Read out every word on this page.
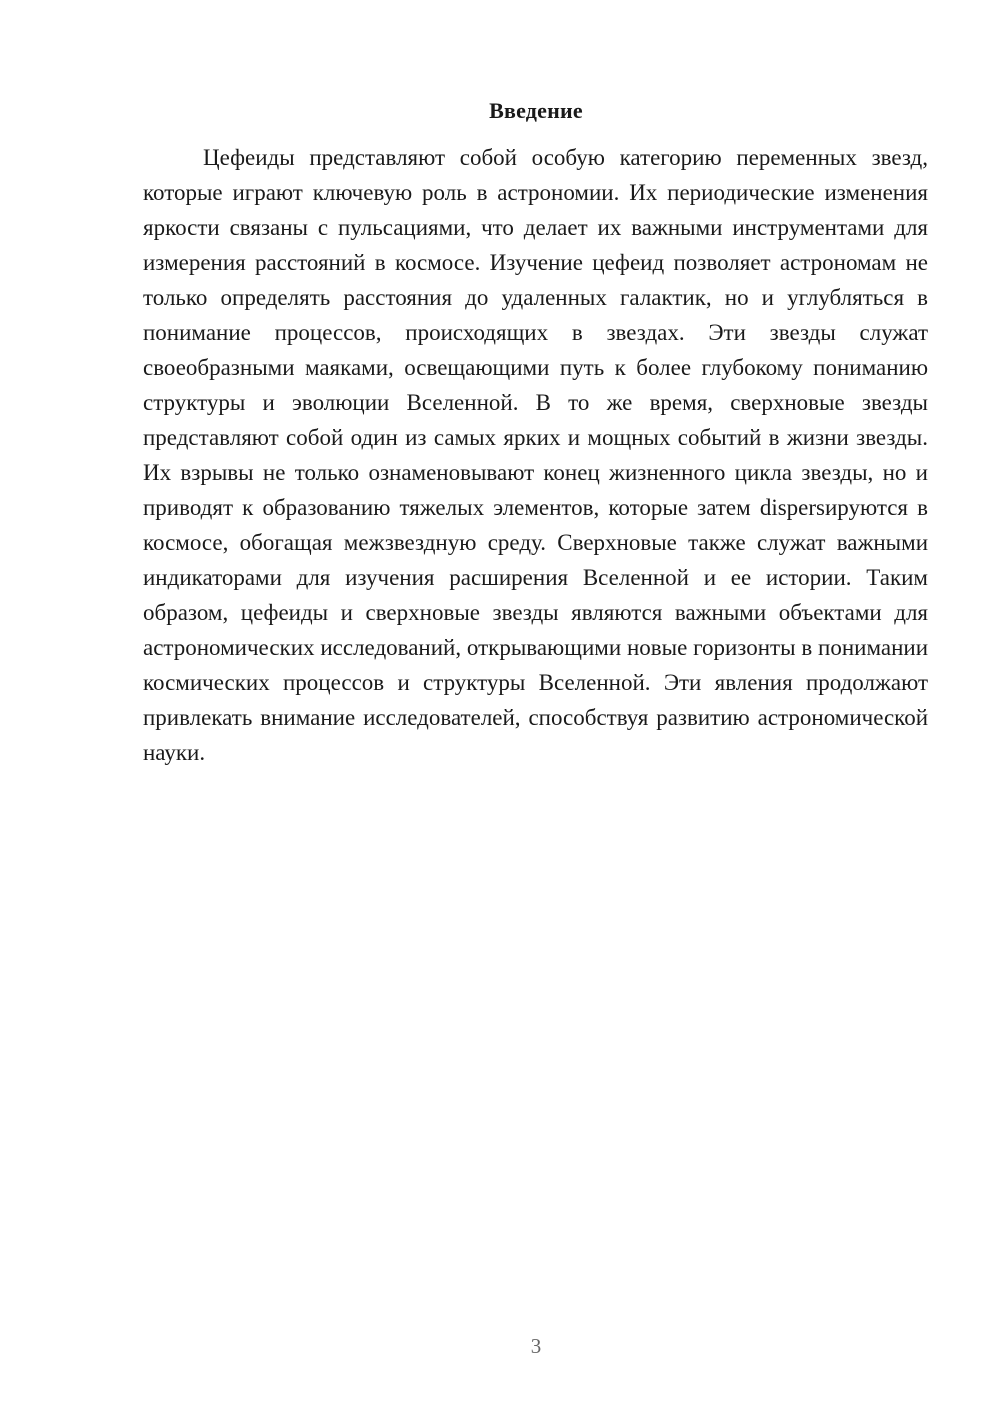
Введение

Цефеиды представляют собой особую категорию переменных звезд, которые играют ключевую роль в астрономии. Их периодические изменения яркости связаны с пульсациями, что делает их важными инструментами для измерения расстояний в космосе. Изучение цефеид позволяет астрономам не только определять расстояния до удаленных галактик, но и углубляться в понимание процессов, происходящих в звездах. Эти звезды служат своеобразными маяками, освещающими путь к более глубокому пониманию структуры и эволюции Вселенной. В то же время, сверхновые звезды представляют собой один из самых ярких и мощных событий в жизни звезды. Их взрывы не только ознаменовывают конец жизненного цикла звезды, но и приводят к образованию тяжелых элементов, которые затем dispersируются в космосе, обогащая межзвездную среду. Сверхновые также служат важными индикаторами для изучения расширения Вселенной и ее истории. Таким образом, цефеиды и сверхновые звезды являются важными объектами для астрономических исследований, открывающими новые горизонты в понимании космических процессов и структуры Вселенной. Эти явления продолжают привлекать внимание исследователей, способствуя развитию астрономической науки.

3
